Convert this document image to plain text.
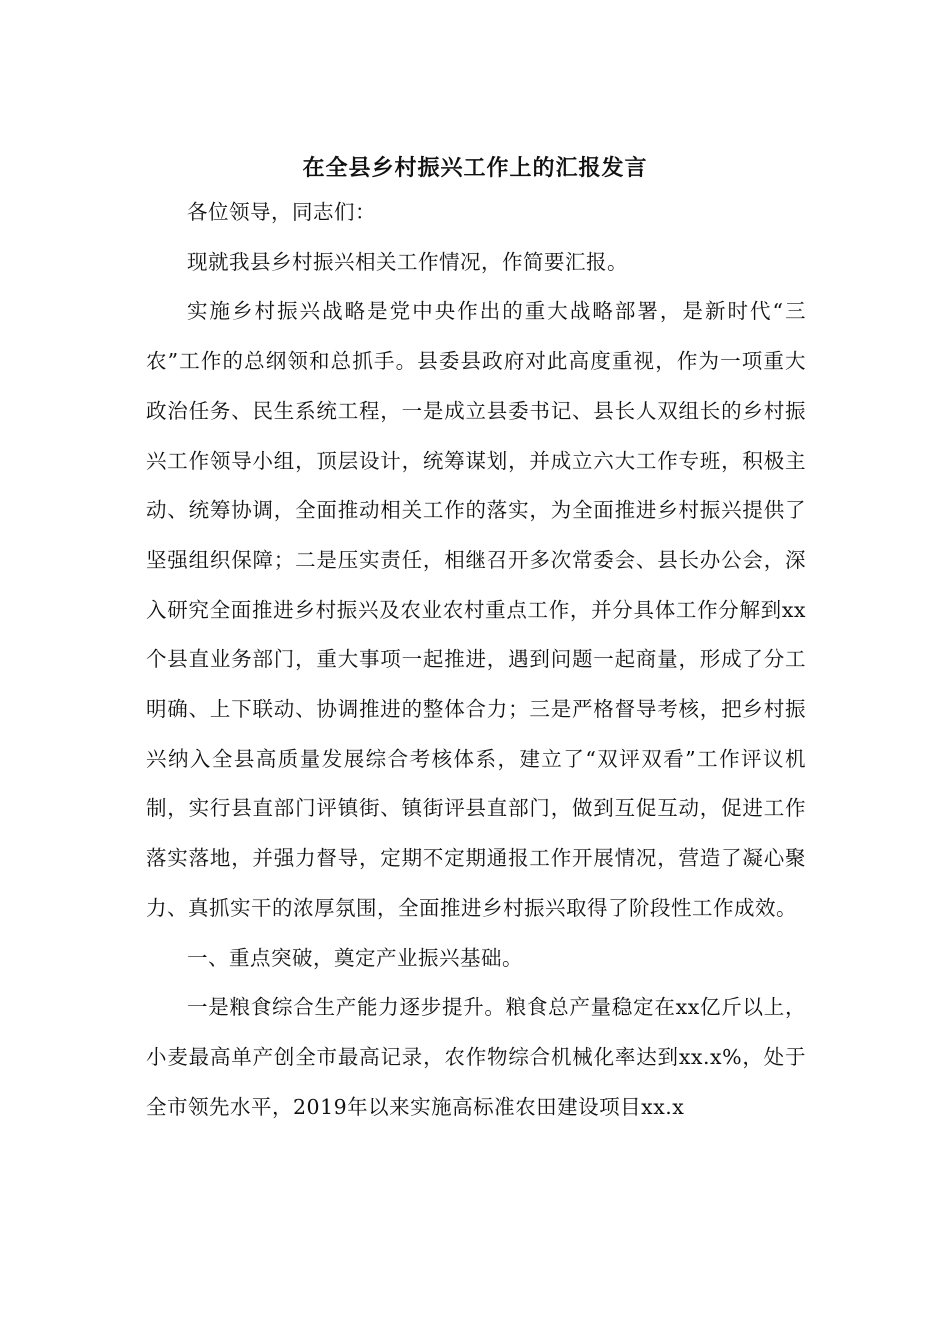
在全县乡村振兴工作上的汇报发言

各位领导，同志们：

现就我县乡村振兴相关工作情况，作简要汇报。

实施乡村振兴战略是党中央作出的重大战略部署，是新时代“三农”工作的总纲领和总抓手。县委县政府对此高度重视，作为一项重大政治任务、民生系统工程，一是成立县委书记、县长人双组长的乡村振兴工作领导小组，顶层设计，统筹谋划，并成立六大工作专班，积极主动、统筹协调，全面推动相关工作的落实，为全面推进乡村振兴提供了坚强组织保障；二是压实责任，相继召开多次常委会、县长办公会，深入研究全面推进乡村振兴及农业农村重点工作，并分具体工作分解到xx个县直业务部门，重大事项一起推进，遇到问题一起商量，形成了分工明确、上下联动、协调推进的整体合力；三是严格督导考核，把乡村振兴纳入全县高质量发展综合考核体系，建立了“双评双看”工作评议机制，实行县直部门评镇街、镇街评县直部门，做到互促互动，促进工作落实落地，并强力督导，定期不定期通报工作开展情况，营造了凝心聚力、真抓实干的浓厚氛围，全面推进乡村振兴取得了阶段性工作成效。

一、重点突破，奠定产业振兴基础。

一是粮食综合生产能力逐步提升。粮食总产量稳定在xx亿斤以上，小麦最高单产创全市最高记录，农作物综合机械化率达到xx.x%，处于全市领先水平，2019年以来实施高标准农田建设项目xx.x
